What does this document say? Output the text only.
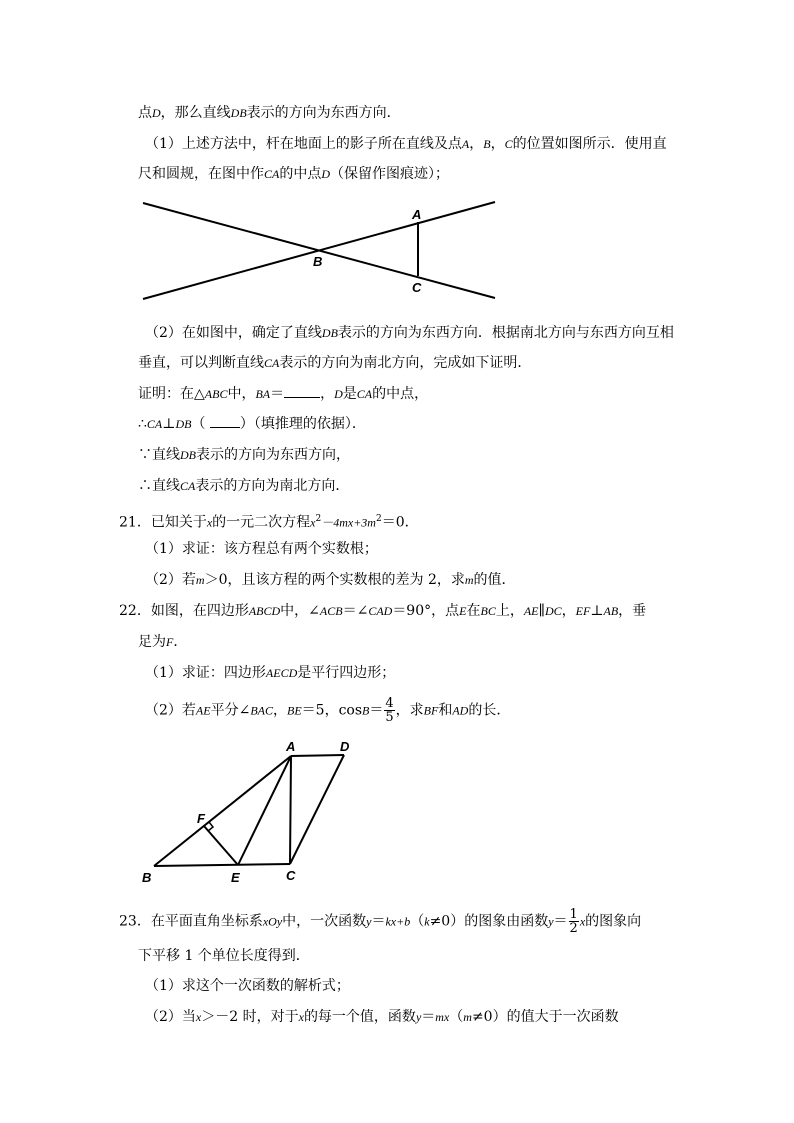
点D，那么直线DB表示的方向为东西方向．
（1）上述方法中，杆在地面上的影子所在直线及点A，B，C的位置如图所示．使用直
尺和圆规，在图中作CA的中点D（保留作图痕迹）；
A
B
C
（2）在如图中，确定了直线DB表示的方向为东西方向．根据南北方向与东西方向互相
垂直，可以判断直线CA表示的方向为南北方向，完成如下证明．
证明：在△ABC中，BA＝	，D是CA的中点，
∴CA⊥DB（ ）（填推理的依据）．
∵直线DB表示的方向为东西方向，
∴直线CA表示的方向为南北方向．
21．已知关于x的一元二次方程$x^2-4mx+3m^2=0$．
（1）求证：该方程总有两个实数根；
（2）若m＞0，且该方程的两个实数根的差为 2，求m的值．
22．如图，在四边形ABCD中，∠ACB＝∠CAD＝90°，点E在BC上，AE∥DC，EF⊥AB，垂
足为F．
（1）求证：四边形AECD是平行四边形；
（2）若AE平分∠BAC，BE＝5，$\cos B= \frac{4}{5}$ ，求BF和AD的长．
A	D
F
B	E	C
23．在平面直角坐标系xOy中，一次函数y＝kx+b（k≠0）的图象由函数$y= \frac{1}{2}$ x的图象向
下平移 1 个单位长度得到．
（1）求这个一次函数的解析式；
（2）当x＞－2 时，对于x的每一个值，函数y＝mx（m≠0）的值大于一次函数
